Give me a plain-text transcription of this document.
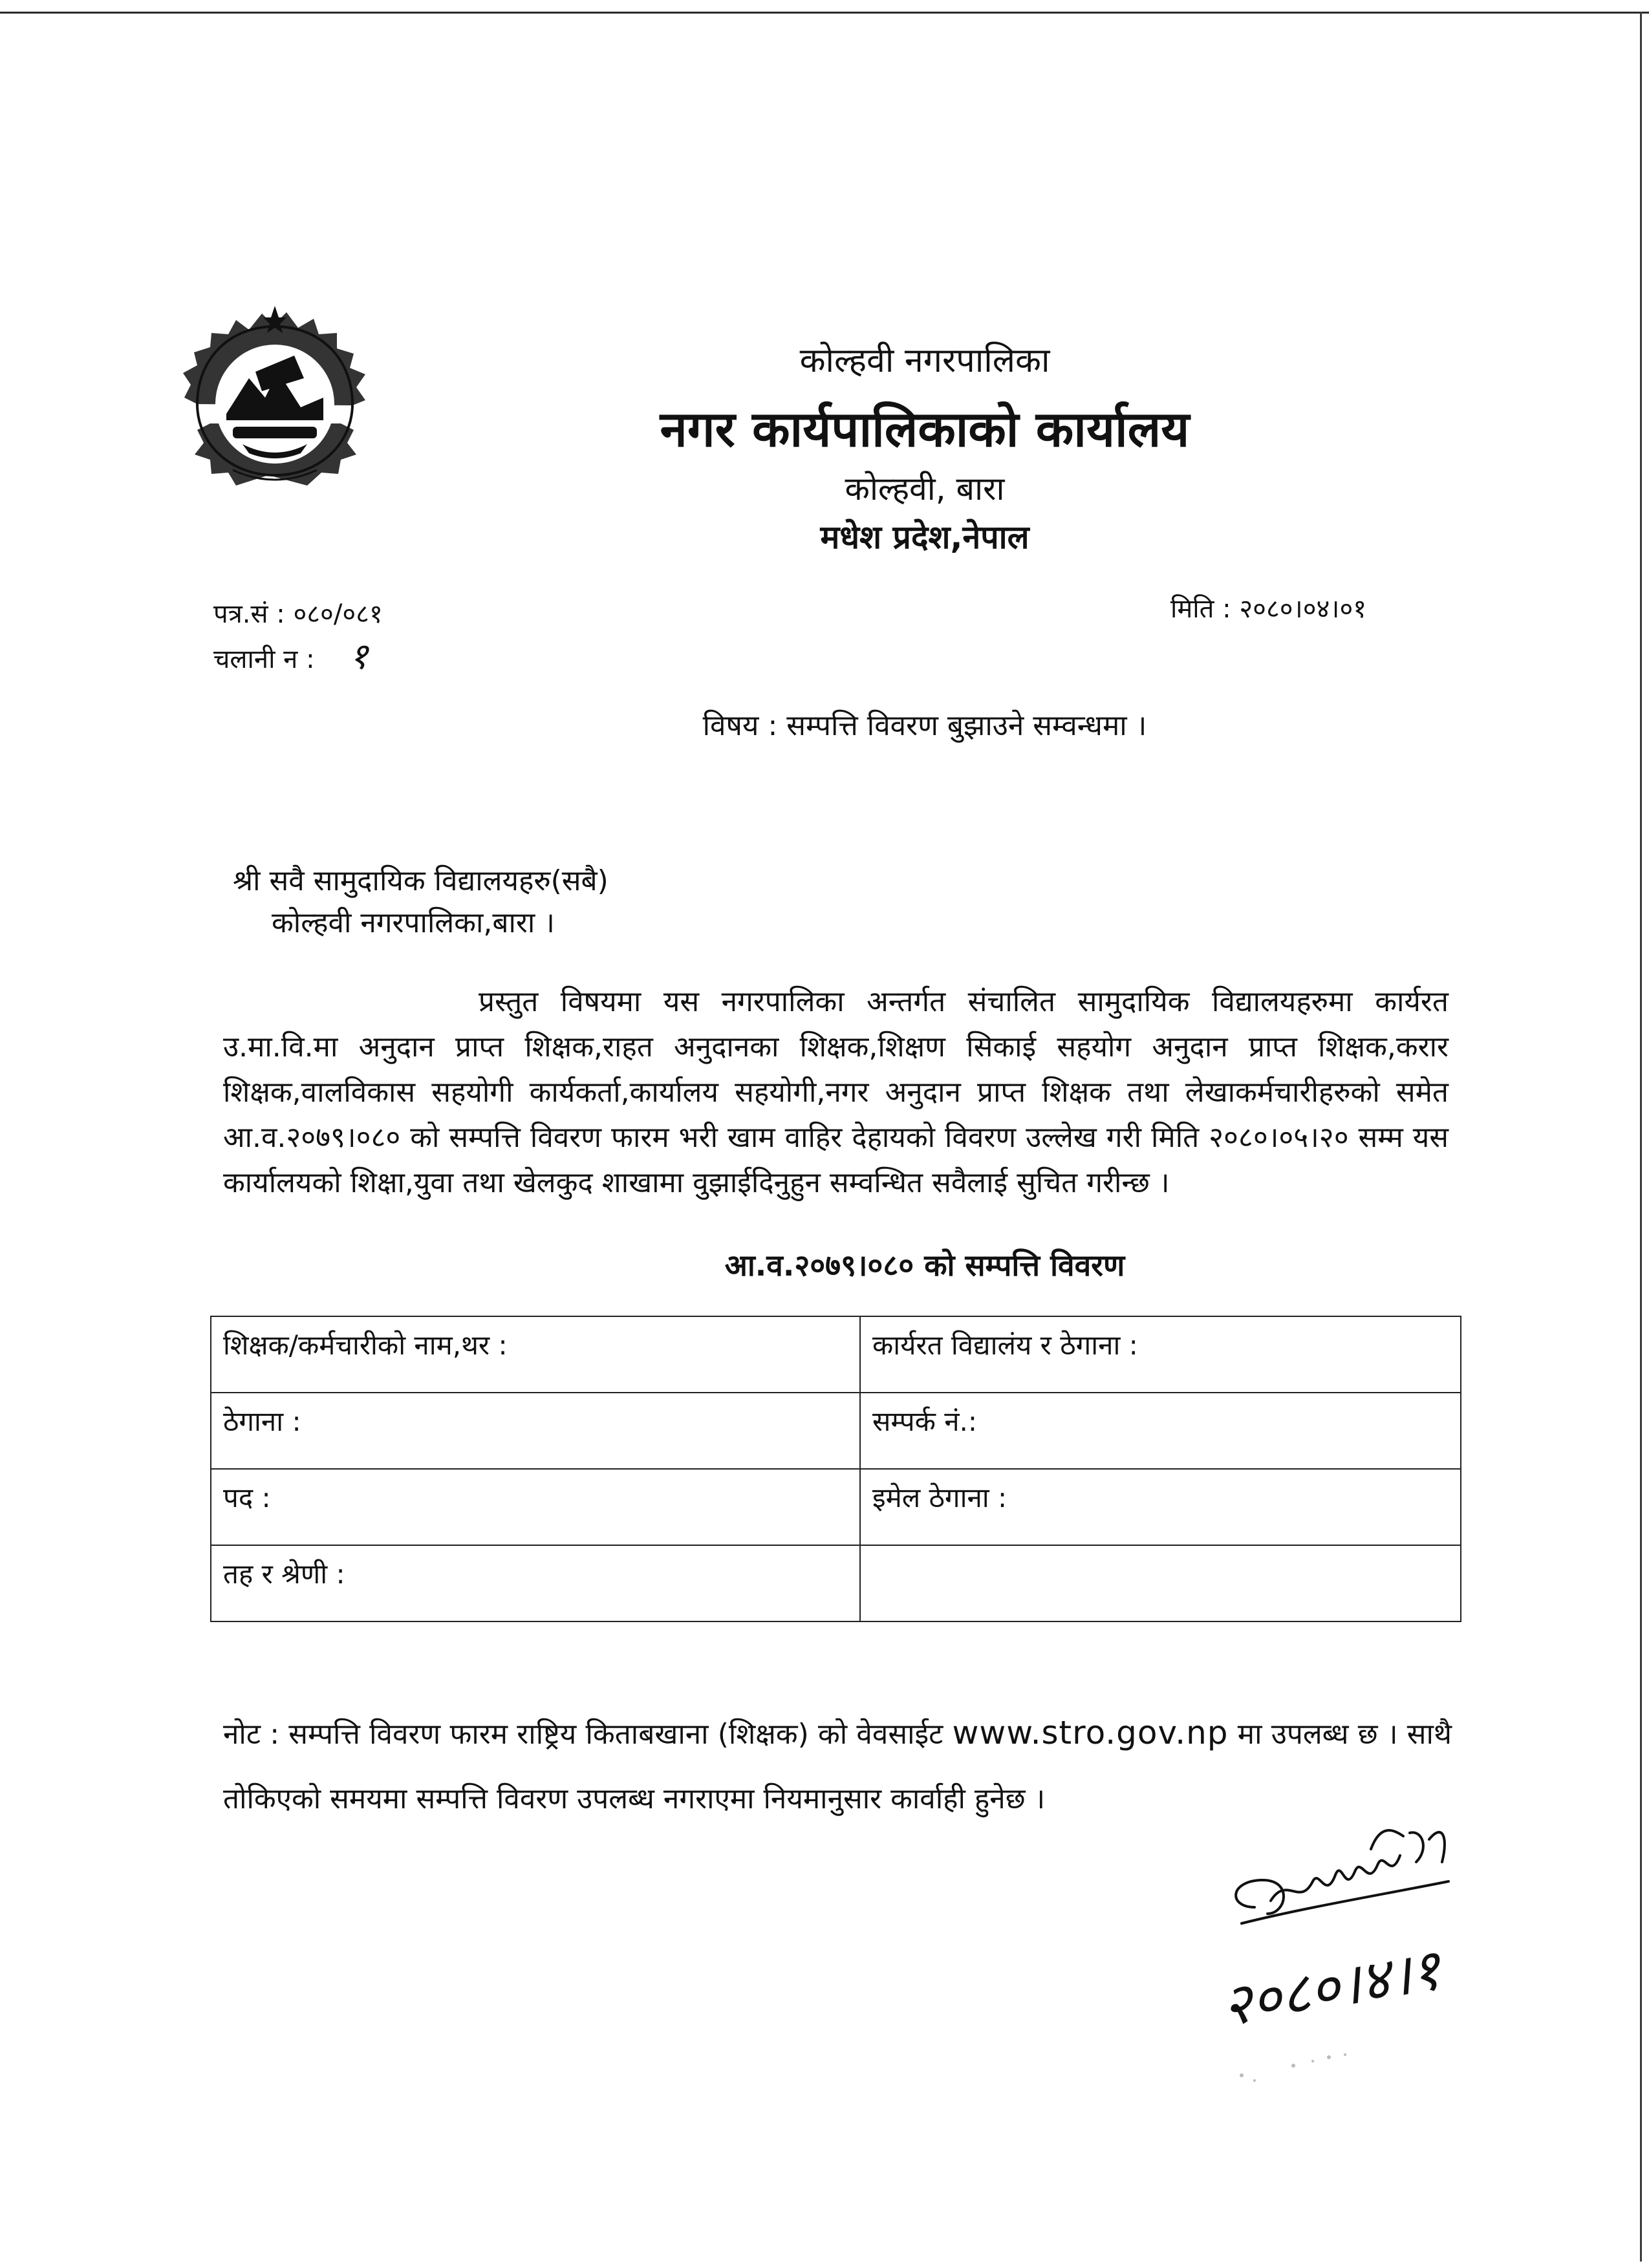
कोल्हवी नगरपालिका
नगर कार्यपालिकाको कार्यालय
कोल्हवी, बारा
मधेश प्रदेश,नेपाल
पत्र.सं : ०८०/०८१	मिति : २०८०।०४।०१
चलानी न : १
विषय : सम्पत्ति विवरण बुझाउने सम्वन्धमा ।
श्री सवै सामुदायिक विद्यालयहरु(सबै)
कोल्हवी नगरपालिका,बारा ।
प्रस्तुत विषयमा यस नगरपालिका अन्तर्गत संचालित सामुदायिक विद्यालयहरुमा कार्यरत उ.मा.वि.मा अनुदान प्राप्त शिक्षक,राहत अनुदानका शिक्षक,शिक्षण सिकाई सहयोग अनुदान प्राप्त शिक्षक,करार शिक्षक,वालविकास सहयोगी कार्यकर्ता,कार्यालय सहयोगी,नगर अनुदान प्राप्त शिक्षक तथा लेखाकर्मचारीहरुको समेत आ.व.२०७९।०८० को सम्पत्ति विवरण फारम भरी खाम वाहिर देहायको विवरण उल्लेख गरी मिति २०८०।०५।२० सम्म यस कार्यालयको शिक्षा,युवा तथा खेलकुद शाखामा वुझाईदिनुहुन सम्वन्धित सवैलाई सुचित गरीन्छ ।
आ.व.२०७९।०८० को सम्पत्ति विवरण
शिक्षक/कर्मचारीको नाम,थर :	कार्यरत विद्यालंय र ठेगाना :
ठेगाना :	सम्पर्क नं.:
पद :	इमेल ठेगाना :
तह र श्रेणी :	
नोट : सम्पत्ति विवरण फारम राष्ट्रिय किताबखाना (शिक्षक) को वेवसाईट www.stro.gov.np मा उपलब्ध छ । साथै तोकिएको समयमा सम्पत्ति विवरण उपलब्ध नगराएमा नियमानुसार कार्वाही हुनेछ ।
२०८०।४।१
